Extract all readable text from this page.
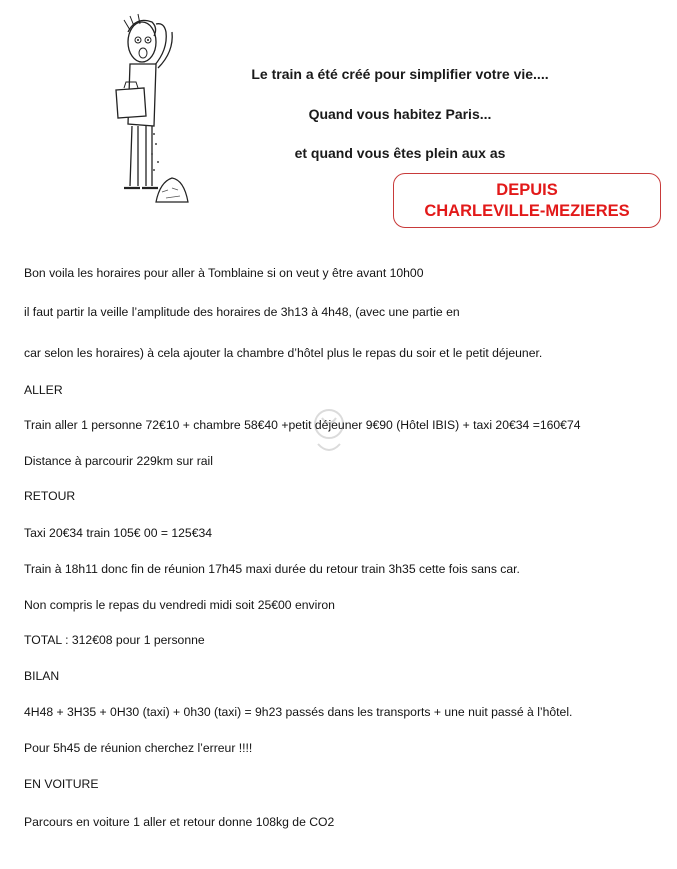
Le train a été créé pour simplifier votre vie....
Quand vous habitez Paris...
et quand vous êtes plein aux as
DEPUIS
CHARLEVILLE-MEZIERES
Bon voila les horaires pour aller à Tomblaine si on veut y être avant 10h00
il faut partir la veille l’amplitude des horaires de 3h13 à 4h48, (avec une partie en
car selon les horaires) à cela ajouter la chambre d’hôtel plus le repas du soir et le petit déjeuner.
ALLER
Train aller 1 personne 72€10 + chambre 58€40 +petit déjeuner 9€90 (Hôtel IBIS) + taxi 20€34 =160€74
Distance à parcourir 229km sur rail
RETOUR
Taxi 20€34 train 105€ 00 = 125€34
Train à 18h11 donc fin de réunion 17h45 maxi durée du retour train 3h35 cette fois sans car.
Non compris le repas du vendredi midi soit 25€00 environ
TOTAL : 312€08 pour 1 personne
BILAN
4H48 + 3H35 + 0H30 (taxi) + 0h30 (taxi) = 9h23 passés dans les transports + une nuit passé à l’hôtel.
Pour 5h45 de réunion cherchez l’erreur !!!!
EN VOITURE
Parcours en voiture 1 aller et retour donne 108kg de CO2
